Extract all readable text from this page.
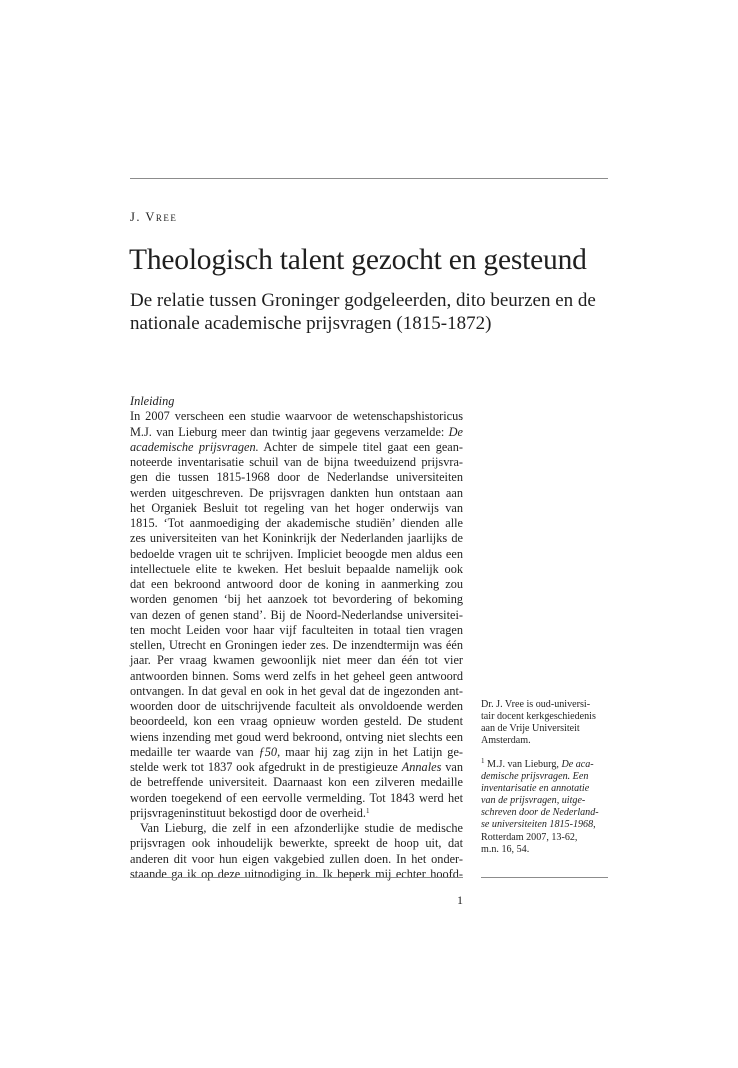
J. Vree
Theologisch talent gezocht en gesteund
De relatie tussen Groninger godgeleerden, dito beurzen en de
nationale academische prijsvragen (1815-1872)
Inleiding
In 2007 verscheen een studie waarvoor de wetenschapshistoricus
M.J. van Lieburg meer dan twintig jaar gegevens verzamelde: De
academische prijsvragen. Achter de simpele titel gaat een gean-
noteerde inventarisatie schuil van de bijna tweeduizend prijsvra-
gen die tussen 1815-1968 door de Nederlandse universiteiten
werden uitgeschreven. De prijsvragen dankten hun ontstaan aan
het Organiek Besluit tot regeling van het hoger onderwijs van
1815. ‘Tot aanmoediging der akademische studiën’ dienden alle
zes universiteiten van het Koninkrijk der Nederlanden jaarlijks de
bedoelde vragen uit te schrijven. Impliciet beoogde men aldus een
intellectuele elite te kweken. Het besluit bepaalde namelijk ook
dat een bekroond antwoord door de koning in aanmerking zou
worden genomen ‘bij het aanzoek tot bevordering of bekoming
van dezen of genen stand’. Bij de Noord-Nederlandse universitei-
ten mocht Leiden voor haar vijf faculteiten in totaal tien vragen
stellen, Utrecht en Groningen ieder zes. De inzendtermijn was één
jaar. Per vraag kwamen gewoonlijk niet meer dan één tot vier
antwoorden binnen. Soms werd zelfs in het geheel geen antwoord
ontvangen. In dat geval en ook in het geval dat de ingezonden ant-
woorden door de uitschrijvende faculteit als onvoldoende werden
beoordeeld, kon een vraag opnieuw worden gesteld. De student
wiens inzending met goud werd bekroond, ontving niet slechts een
medaille ter waarde van ƒ50, maar hij zag zijn in het Latijn ge-
stelde werk tot 1837 ook afgedrukt in de prestigieuze Annales van
de betreffende universiteit. Daarnaast kon een zilveren medaille
worden toegekend of een eervolle vermelding. Tot 1843 werd het
prijsvrageninstituut bekostigd door de overheid.$^1$
Van Lieburg, die zelf in een afzonderlijke studie de medische
prijsvragen ook inhoudelijk bewerkte, spreekt de hoop uit, dat
anderen dit voor hun eigen vakgebied zullen doen. In het onder-
staande ga ik op deze uitnodiging in. Ik beperk mij echter hoofd-
Dr. J. Vree is oud-universi-
tair docent kerkgeschiedenis
aan de Vrije Universiteit
Amsterdam.
$^1$ M.J. van Lieburg, De aca-
demische prijsvragen. Een
inventarisatie en annotatie
van de prijsvragen, uitge-
schreven door de Nederland-
se universiteiten 1815-1968,
Rotterdam 2007, 13-62,
m.n. 16, 54.
1
